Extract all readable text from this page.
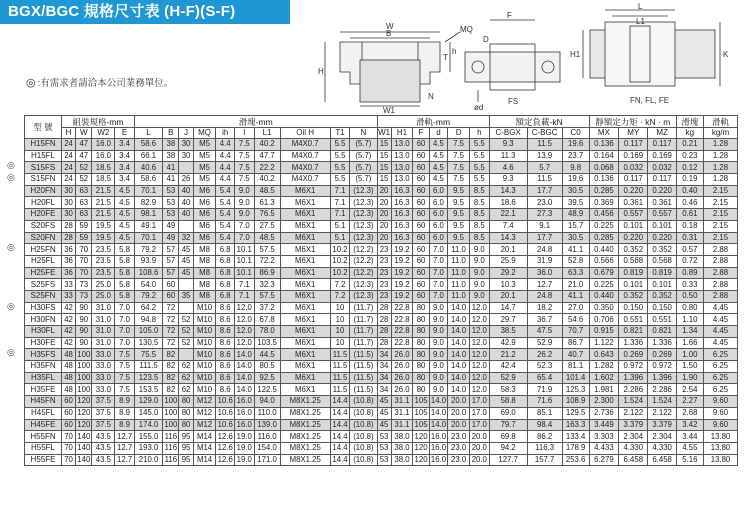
BGX/BGC 規格尺寸表 (H-F)(S-F)
◎ :有需求者請洽本公司業務單位。
W
B
H
T
MQ
W1
N
L
L1
K
D
ød
F
FS	FN, FL, FE
h	H1
◎
◎
◎
◎
◎
型 號	組裝規格-mm				滑塊-mm										滑軌-mm						額定負載-kN			靜額定力矩 · kN · m			滑塊	滑軌
	H	W	W2	E	L	B	J	MQ	ih	l	L1	Oil H	T1	N	W1	H1	F	d	D	h	C-BGX	C-BGC	C0	MX	MY	MZ	kg	kg/m
H15FN	24	47	16.0	3.4	58.6	38	30	M5	4.4	7.5	40.2	M4X0.7	5.5	(5.7)	15	13.0	60	4.5	7.5	5.5	9.3	11.5	19.6	0.136	0.117	0.117	0.21	1.28
H15FL	24	47	16.0	3.4	66.1	38	30	M5	4.4	7.5	47.7	M4X0.7	5.5	(5.7)	15	13.0	60	4.5	7.5	5.5	11.3	13.9	23.7	0.164	0.169	0.169	0.23	1.28
S15FS	24	52	18.5	3.4	40.6	41		M5	4.4	7.5	22.2	M4X0.7	5.5	(5.7)	15	13.0	60	4.5	7.5	5.5	4.6	5.7	9.8	0.068	0.032	0.032	0.12	1.28
S15FN	24	52	18.5	3.4	58.6	41	26	M5	4.4	7.5	40.2	M4X0.7	5.5	(5.7)	15	13.0	60	4.5	7.5	5.5	9.3	11.5	19.6	0.136	0.117	0.117	0.19	1.28
H20FN	30	63	21.5	4.5	70.1	53	40	M6	5.4	9.0	48.5	M6X1	7.1	(12.3)	20	16.3	60	6.0	9.5	8.5	14.3	17.7	30.5	0.285	0.220	0.220	0.40	2.15
H20FL	30	63	21.5	4.5	82.9	53	40	M6	5.4	9.0	61.3	M6X1	7.1	(12.3)	20	16.3	60	6.0	9.5	8.5	18.6	23.0	39.5	0.369	0.361	0.361	0.46	2.15
H20FE	30	63	21.5	4.5	98.1	53	40	M6	5.4	9.0	76.5	M6X1	7.1	(12.3)	20	16.3	60	6.0	9.5	8.5	22.1	27.3	48.9	0.456	0.557	0.557	0.61	2.15
S20FS	28	59	19.5	4.5	49.1	49		M6	5.4	7.0	27.5	M6X1	5.1	(12.3)	20	16.3	60	6.0	9.5	8.5	7.4	9.1	15.7	0.225	0.101	0.101	0.18	2.15
S20FN	28	59	19.5	4.5	70.1	49	32	M6	5.4	7.0	48.5	M6X1	5.1	(12.3)	20	16.3	60	6.0	9.5	8.5	14.3	17.7	30.5	0.285	0.220	0.220	0.31	2.15
H25FN	36	70	23.5	5.8	79.2	57	45	M8	6.8	10.1	57.5	M6X1	10.2	(12.2)	23	19.2	60	7.0	11.0	9.0	20.1	24.8	41.1	0.440	0.352	0.352	0.57	2.88
H25FL	36	70	23.5	5.8	93.9	57	45	M8	6.8	10.1	72.2	M6X1	10.2	(12.2)	23	19.2	60	7.0	11.0	9.0	25.9	31.9	52.8	0.566	0.568	0.568	0.72	2.88
H25FE	36	70	23.5	5.8	108.6	57	45	M8	6.8	10.1	86.9	M6X1	10.2	(12.2)	23	19.2	60	7.0	11.0	9.0	29.2	36.0	63.3	0.679	0.819	0.819	0.89	2.88
S25FS	33	73	25.0	5.8	54.0	60		M8	6.8	7.1	32.3	M6X1	7.2	(12.3)	23	19.2	60	7.0	11.0	9.0	10.3	12.7	21.0	0.225	0.101	0.101	0.33	2.88
S25FN	33	73	25.0	5.8	79.2	60	35	M8	6.8	7.1	57.5	M6X1	7.2	(12.3)	23	19.2	60	7.0	11.0	9.0	20.1	24.8	41.1	0.440	0.352	0.352	0.50	2.88
H30FS	42	90	31.0	7.0	64.2	72		M10	8.6	12.0	37.2	M6X1	10	(11.7)	28	22.8	80	9.0	14.0	12.0	14.7	18.2	27.0	0.350	0.150	0.150	0.80	4.45
H30FN	42	90	31.0	7.0	94.8	72	52	M10	8.6	12.0	67.8	M6X1	10	(11.7)	28	22.8	80	9.0	14.0	12.0	29.7	36.7	54.6	0.706	0.551	0.551	1.10	4.45
H30FL	42	90	31.0	7.0	105.0	72	52	M10	8.6	12.0	78.0	M6X1	10	(11.7)	28	22.8	80	9.0	14.0	12.0	38.5	47.5	70.7	0.915	0.821	0.821	1.34	4.45
H30FE	42	90	31.0	7.0	130.5	72	52	M10	8.6	12.0	103.5	M6X1	10	(11.7)	28	22.8	80	9.0	14.0	12.0	42.9	52.9	86.7	1.122	1.336	1.336	1.66	4.45
H35FS	48	100	33.0	7.5	75.5	82		M10	8.6	14.0	44.5	M6X1	11.5	(11.5)	34	26.0	80	9.0	14.0	12.0	21.2	26.2	40.7	0.643	0.269	0.269	1.00	6.25
H35FN	48	100	33.0	7.5	111.5	82	62	M10	8.6	14.0	80.5	M6X1	11.5	(11.5)	34	26.0	80	9.0	14.0	12.0	42.4	52.3	81.1	1.282	0.972	0.972	1.50	6.25
H35FL	48	100	33.0	7.5	123.5	82	62	M10	8.6	14.0	92.5	M6X1	11.5	(11.5)	34	26.0	80	9.0	14.0	12.0	52.9	65.4	101.4	1.602	1.396	1.396	1.90	6.25
H35FE	48	100	33.0	7.5	153.5	82	62	M10	8.6	14.0	122.5	M6X1	11.5	(11.5)	34	26.0	80	9.0	14.0	12.0	58.3	71.9	125.3	1.981	2.286	2.286	2.54	6.25
H45FN	60	120	37.5	8.9	129.0	100	80	M12	10.6	16.0	94.0	M8X1.25	14.4	(10.8)	45	31.1	105	14.0	20.0	17.0	58.8	71.6	108.9	2.300	1.524	1.524	2.27	9.60
H45FL	60	120	37.5	8.9	145.0	100	80	M12	10.6	16.0	110.0	M8X1.25	14.4	(10.8)	45	31.1	105	14.0	20.0	17.0	69.0	85.1	129.5	2.736	2.122	2.122	2.68	9.60
H45FE	60	120	37.5	8.9	174.0	100	80	M12	10.6	16.0	139.0	M8X1.25	14.4	(10.8)	45	31.1	105	14.0	20.0	17.0	79.7	98.4	163.3	3.449	3.379	3.379	3.42	9.60
H55FN	70	140	43.5	12.7	155.0	116	95	M14	12.6	19.0	116.0	M8X1.25	14.4	(10.8)	53	38.0	120	16.0	23.0	20.0	69.8	86.2	133.4	3.303	2.304	2.304	3.44	13.80
H55FL	70	140	43.5	12.7	193.0	116	95	M14	12.6	19.0	154.0	M8X1.25	14.4	(10.8)	53	38.0	120	16.0	23.0	20.0	94.2	116.3	178.9	4.433	4.330	4.330	4.55	13.80
H55FE	70	140	43.5	12.7	210.0	116	95	M14	12.6	19.0	171.0	M8X1.25	14.4	(10.8)	53	38.0	120	16.0	23.0	20.0	127.7	157.7	253.6	6.279	6.458	6.458	5.16	13.80
